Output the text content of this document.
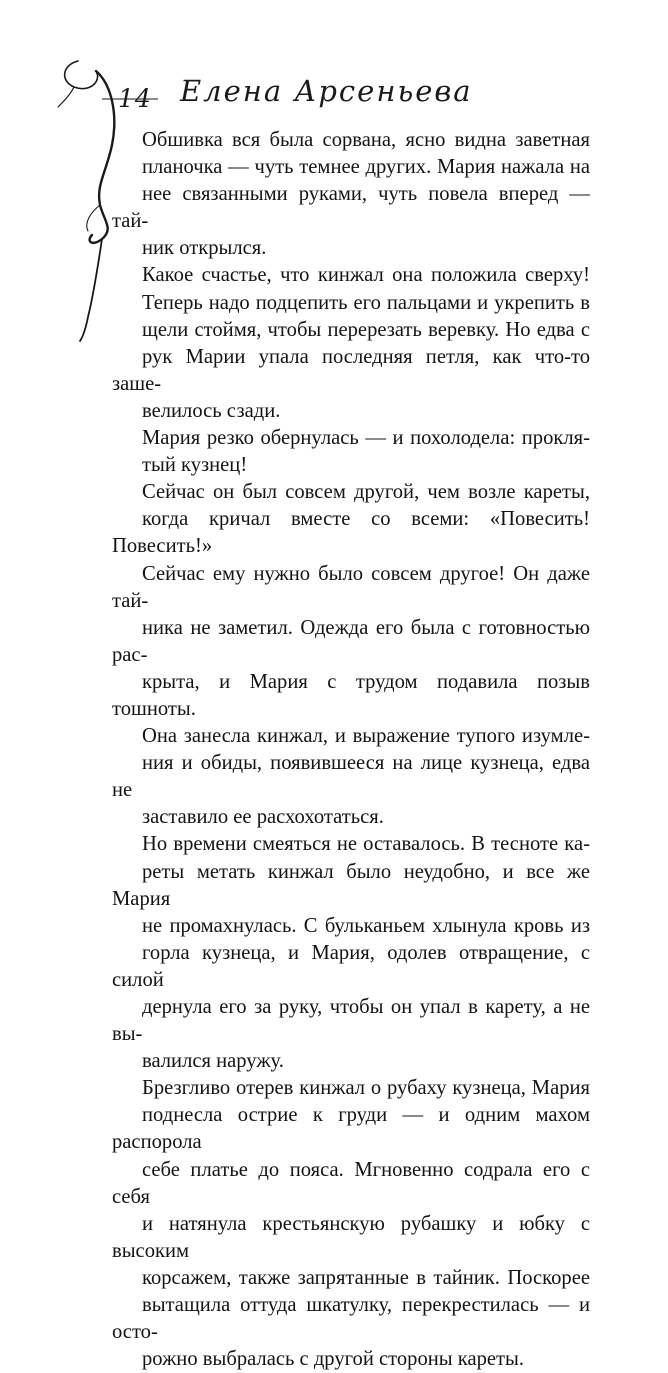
14 Елена Арсеньева

Обшивка вся была сорвана, ясно видна заветная
планочка — чуть темнее других. Мария нажала на
нее связанными руками, чуть повела вперед — тай-
ник открылся.

Какое счастье, что кинжал она положила сверху!
Теперь надо подцепить его пальцами и укрепить в
щели стоймя, чтобы перерезать веревку. Но едва с
рук Марии упала последняя петля, как что-то заше-
велилось сзади.

Мария резко обернулась — и похолодела: прокля-
тый кузнец!

Сейчас он был совсем другой, чем возле кареты,
когда кричал вместе со всеми: «Повесить! Повесить!»
Сейчас ему нужно было совсем другое! Он даже тай-
ника не заметил. Одежда его была с готовностью рас-
крыта, и Мария с трудом подавила позыв тошноты.

Она занесла кинжал, и выражение тупого изумле-
ния и обиды, появившееся на лице кузнеца, едва не
заставило ее расхохотаться.

Но времени смеяться не оставалось. В тесноте ка-
реты метать кинжал было неудобно, и все же Мария
не промахнулась. С бульканьем хлынула кровь из
горла кузнеца, и Мария, одолев отвращение, с силой
дернула его за руку, чтобы он упал в карету, а не вы-
валился наружу.

Брезгливо отерев кинжал о рубаху кузнеца, Мария
поднесла острие к груди — и одним махом распорола
себе платье до пояса. Мгновенно содрала его с себя
и натянула крестьянскую рубашку и юбку с высоким
корсажем, также запрятанные в тайник. Поскорее
вытащила оттуда шкатулку, перекрестилась — и осто-
рожно выбралась с другой стороны кареты.
